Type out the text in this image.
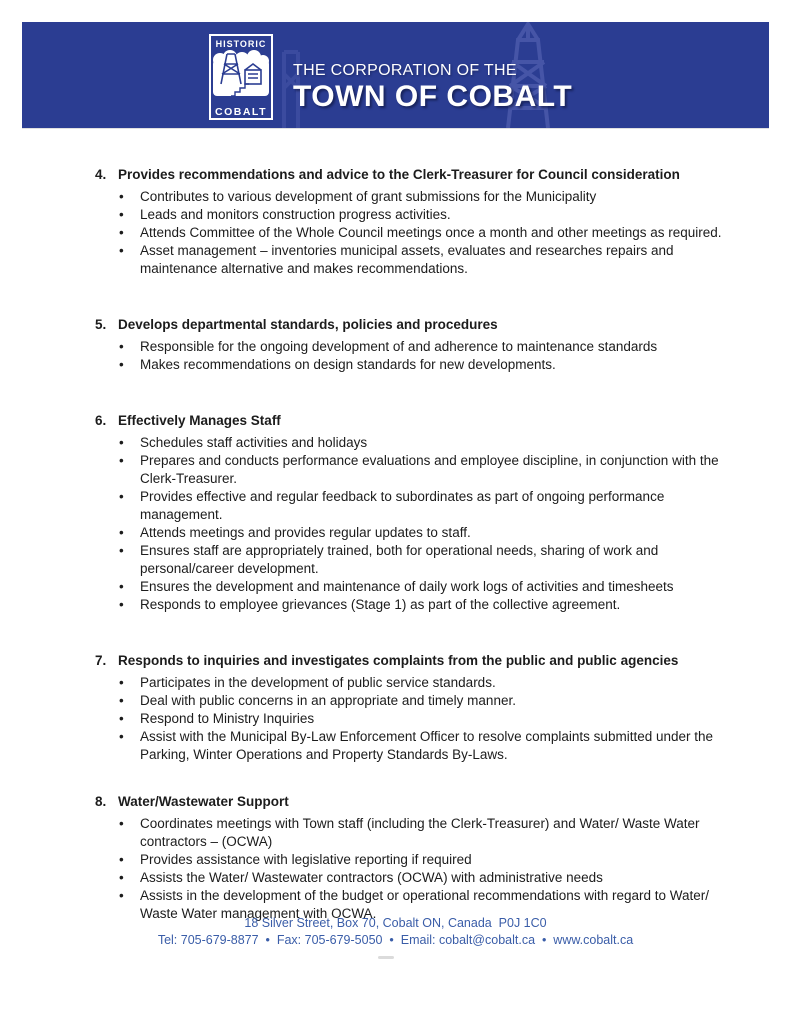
HISTORIC
COBALT
THE CORPORATION OF THE
TOWN OF COBALT
4. Provides recommendations and advice to the Clerk-Treasurer for Council consideration
•	Contributes to various development of grant submissions for the Municipality
•	Leads and monitors construction progress activities.
•	Attends Committee of the Whole Council meetings once a month and other meetings as required.
•	Asset management – inventories municipal assets, evaluates and researches repairs and maintenance alternative and makes recommendations.
5. Develops departmental standards, policies and procedures
•	Responsible for the ongoing development of and adherence to maintenance standards
•	Makes recommendations on design standards for new developments.
6. Effectively Manages Staff
•	Schedules staff activities and holidays
•	Prepares and conducts performance evaluations and employee discipline, in conjunction with the Clerk-Treasurer.
•	Provides effective and regular feedback to subordinates as part of ongoing performance management.
•	Attends meetings and provides regular updates to staff.
•	Ensures staff are appropriately trained, both for operational needs, sharing of work and personal/career development.
•	Ensures the development and maintenance of daily work logs of activities and timesheets
•	Responds to employee grievances (Stage 1) as part of the collective agreement.
7. Responds to inquiries and investigates complaints from the public and public agencies
•	Participates in the development of public service standards.
•	Deal with public concerns in an appropriate and timely manner.
•	Respond to Ministry Inquiries
•	Assist with the Municipal By-Law Enforcement Officer to resolve complaints submitted under the Parking, Winter Operations and Property Standards By-Laws.
8. Water/Wastewater Support
•	Coordinates meetings with Town staff (including the Clerk-Treasurer) and Water/ Waste Water contractors – (OCWA)
•	Provides assistance with legislative reporting if required
•	Assists the Water/ Wastewater contractors (OCWA) with administrative needs
•	Assists in the development of the budget or operational recommendations with regard to Water/ Waste Water management with OCWA.
18 Silver Street, Box 70, Cobalt ON, Canada  P0J 1C0
Tel: 705-679-8877  •  Fax: 705-679-5050  •  Email: cobalt@cobalt.ca  •  www.cobalt.ca
